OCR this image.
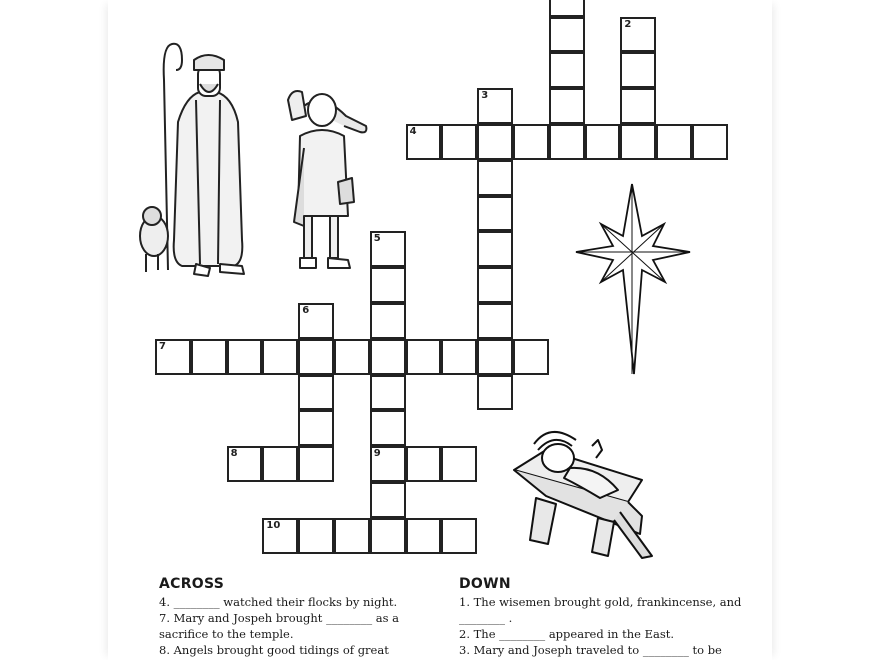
2
3
4
5
9
6
7
8
10
ACROSS

4. ________ watched their flocks by night.

7. Mary and Jospeh brought ________ as a sacrifice to the temple.

8. Angels brought good tidings of great

DOWN

1. The wisemen brought gold, frankincense, and ________ .

2. The ________ appeared in the East.

3. Mary and Joseph traveled to ________ to be
